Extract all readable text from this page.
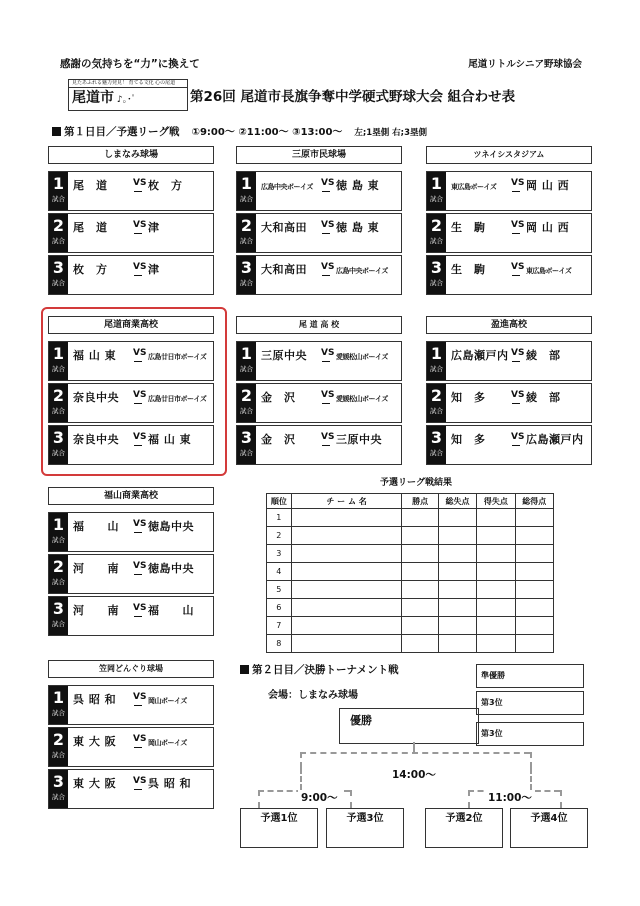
感謝の気持ちを“力”に換えて	尾道リトルシニア野球協会
見たあふれる魅力発見！ 育てる文化 心の尾道
尾道市 ♪｡･ﾟ	第26回 尾道市長旗争奪中学硬式野球大会 組合わせ表
第１日目／予選リーグ戦 ①9:00〜 ②11:00〜 ③13:00〜 左;1塁側 右;3塁側
しまなみ球場
1
試合
尾　道	VS 枚　方
2
試合
尾　道	VS 津
3
試合
枚　方	VS 津
三原市民球場
1
試合
広島中央ボーイズ VS 徳 島 東
2
試合
大和高田	VS 徳 島 東
3
試合
大和高田	VS 広島中央ボーイズ
ツネイシスタジアム
1
試合
東広島ボーイズ	VS 岡 山 西
2
試合
生　駒	VS 岡 山 西
3
試合
生　駒	VS 東広島ボーイズ
尾道商業高校
1
試合
福 山 東	VS 広島廿日市ボーイズ
2
試合
奈良中央	VS 広島廿日市ボーイズ
3
試合
奈良中央	VS 福 山 東
尾 道 高 校
1
試合
三原中央	VS 愛媛松山ボーイズ
2
試合
金　沢	VS 愛媛松山ボーイズ
3
試合
金　沢	VS 三原中央
盈進高校
1
試合
広島瀬戸内 VS 綾　部
2
試合
知　多	VS 綾　部
3
試合
知　多	VS 広島瀬戸内
福山商業高校
1
試合
福　　山	VS 徳島中央
2
試合
河　　南	VS 徳島中央
3
試合
河　　南	VS 福　　山
笠岡どんぐり球場
1
試合
呉 昭 和	VS 岡山ボーイズ
2
試合
東 大 阪	VS 岡山ボーイズ
3
試合
東 大 阪	VS 呉 昭 和
予選リーグ戦結果
順位	チ ー ム 名	勝点	総失点	得失点	総得点
1					
2					
3					
4					
5					
6					
7					
8					
第２日目／決勝トーナメント戦
会場：しまなみ球場
準優勝
第3位
第3位
優勝
14:00〜
9:00〜	11:00〜
予選1位	予選3位	予選2位	予選4位
